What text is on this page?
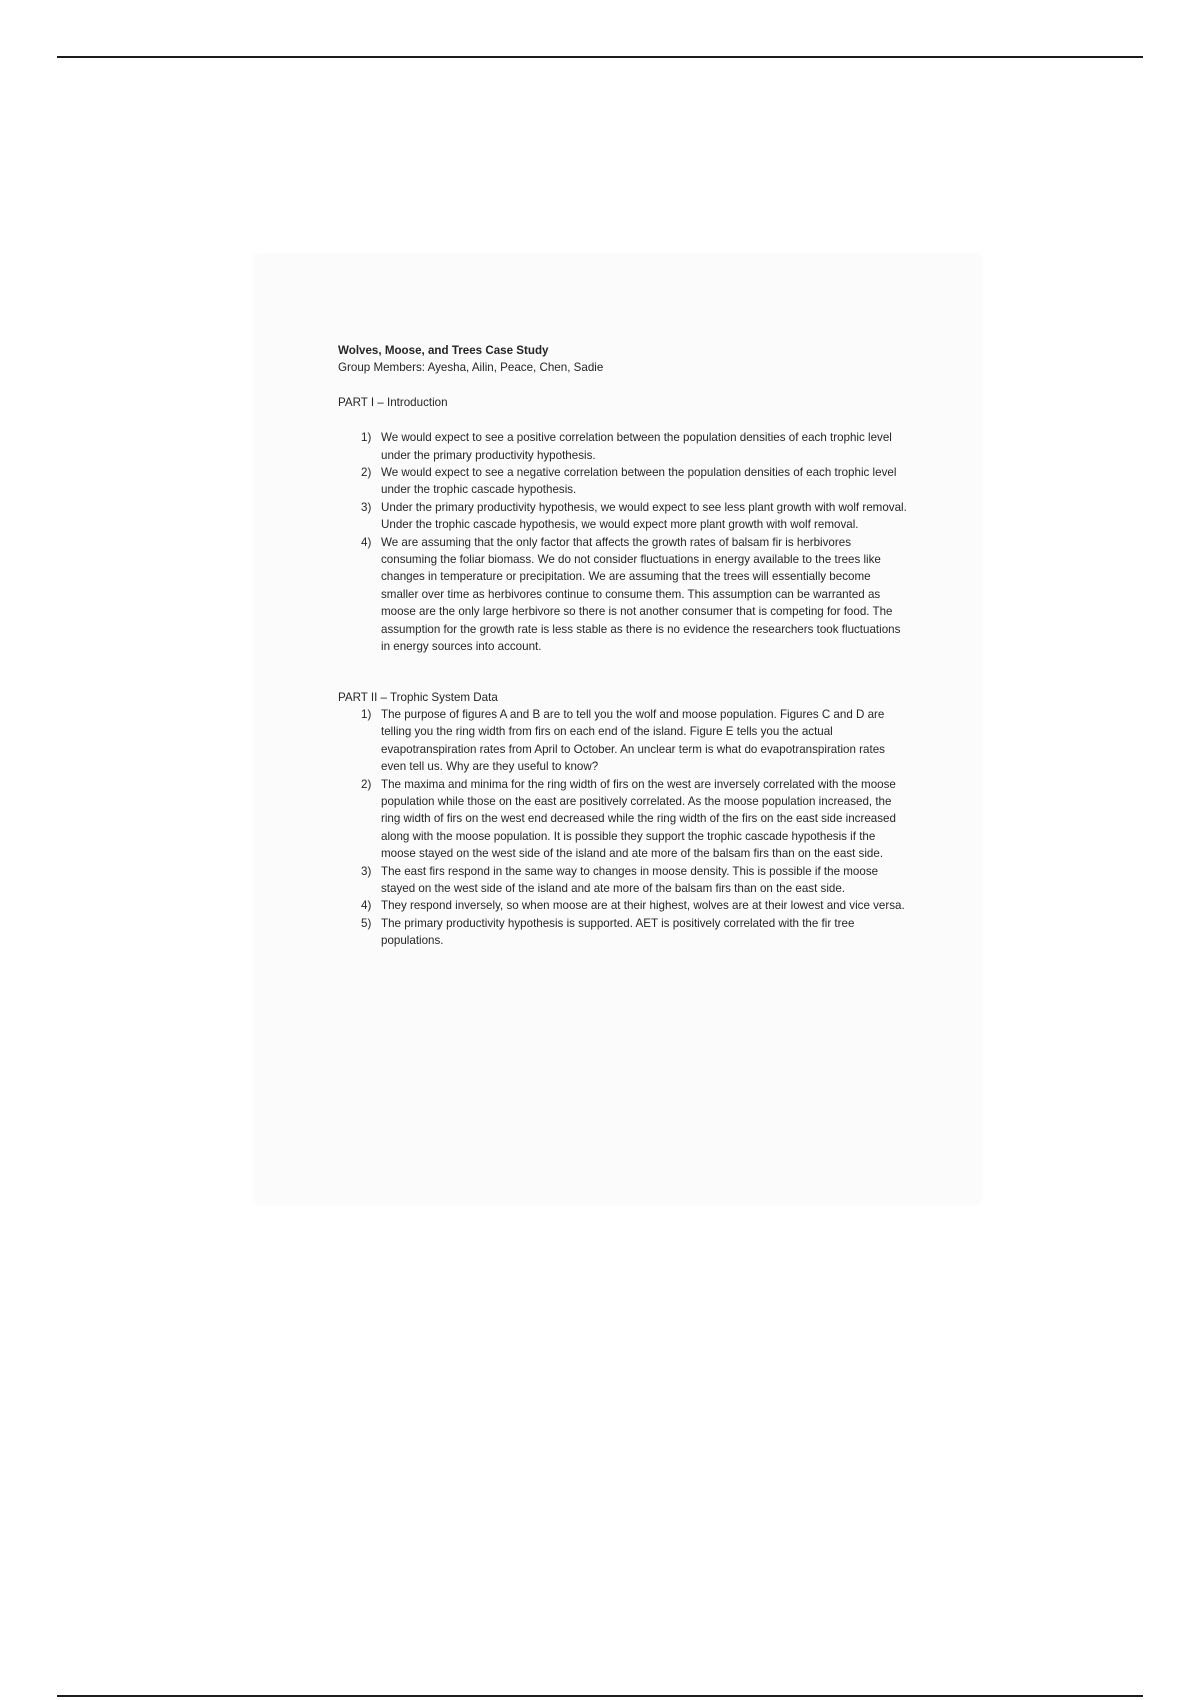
Wolves, Moose, and Trees Case Study

Group Members: Ayesha, Ailin, Peace, Chen, Sadie

PART I – Introduction

1) We would expect to see a positive correlation between the population densities of each trophic level under the primary productivity hypothesis.
2) We would expect to see a negative correlation between the population densities of each trophic level under the trophic cascade hypothesis.
3) Under the primary productivity hypothesis, we would expect to see less plant growth with wolf removal. Under the trophic cascade hypothesis, we would expect more plant growth with wolf removal.
4) We are assuming that the only factor that affects the growth rates of balsam fir is herbivores consuming the foliar biomass. We do not consider fluctuations in energy available to the trees like changes in temperature or precipitation. We are assuming that the trees will essentially become smaller over time as herbivores continue to consume them. This assumption can be warranted as moose are the only large herbivore so there is not another consumer that is competing for food. The assumption for the growth rate is less stable as there is no evidence the researchers took fluctuations in energy sources into account.

PART II – Trophic System Data

1) The purpose of figures A and B are to tell you the wolf and moose population. Figures C and D are telling you the ring width from firs on each end of the island. Figure E tells you the actual evapotranspiration rates from April to October. An unclear term is what do evapotranspiration rates even tell us. Why are they useful to know?
2) The maxima and minima for the ring width of firs on the west are inversely correlated with the moose population while those on the east are positively correlated. As the moose population increased, the ring width of firs on the west end decreased while the ring width of the firs on the east side increased along with the moose population. It is possible they support the trophic cascade hypothesis if the moose stayed on the west side of the island and ate more of the balsam firs than on the east side.
3) The east firs respond in the same way to changes in moose density. This is possible if the moose stayed on the west side of the island and ate more of the balsam firs than on the east side.
4) They respond inversely, so when moose are at their highest, wolves are at their lowest and vice versa.
5) The primary productivity hypothesis is supported. AET is positively correlated with the fir tree populations.
